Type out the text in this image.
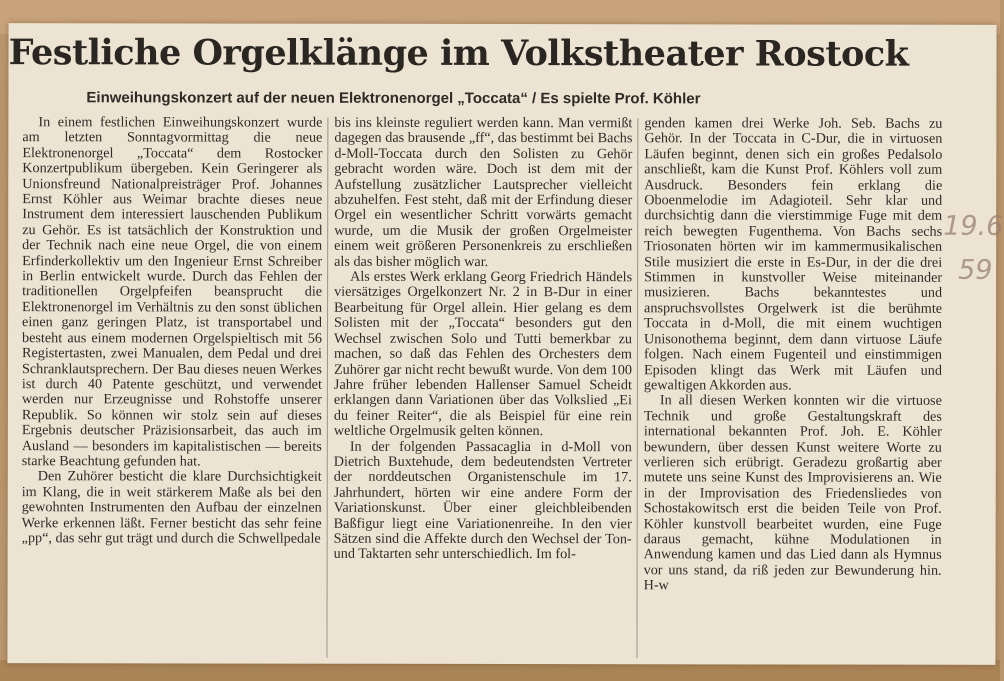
Festliche Orgelklänge im Volkstheater Rostock
Einweihungskonzert auf der neuen Elektronenorgel „Toccata“ / Es spielte Prof. Köhler

In einem festlichen Einweihungskonzert wurde am letzten Sonntagvormittag die neue Elektronenorgel „Toccata“ dem Rostocker Konzertpublikum übergeben. Kein Geringerer als Unionsfreund Nationalpreisträger Prof. Johannes Ernst Köhler aus Weimar brachte dieses neue Instrument dem interessiert lauschenden Publikum zu Gehör. Es ist tatsächlich der Konstruktion und der Technik nach eine neue Orgel, die von einem Erfinderkollektiv um den Ingenieur Ernst Schreiber in Berlin entwickelt wurde. Durch das Fehlen der traditionellen Orgelpfeifen beansprucht die Elektronenorgel im Verhältnis zu den sonst üblichen einen ganz geringen Platz, ist transportabel und besteht aus einem modernen Orgelspieltisch mit 56 Registertasten, zwei Manualen, dem Pedal und drei Schranklautsprechern. Der Bau dieses neuen Werkes ist durch 40 Patente geschützt, und verwendet werden nur Erzeugnisse und Rohstoffe unserer Republik. So können wir stolz sein auf dieses Ergebnis deutscher Präzisionsarbeit, das auch im Ausland — besonders im kapitalistischen — bereits starke Beachtung gefunden hat.

Den Zuhörer besticht die klare Durchsichtigkeit im Klang, die in weit stärkerem Maße als bei den gewohnten Instrumenten den Aufbau der einzelnen Werke erkennen läßt. Ferner besticht das sehr feine „pp“, das sehr gut trägt und durch die Schwellpedale

bis ins kleinste reguliert werden kann. Man vermißt dagegen das brausende „ff“, das bestimmt bei Bachs d-Moll-Toccata durch den Solisten zu Gehör gebracht worden wäre. Doch ist dem mit der Aufstellung zusätzlicher Lautsprecher vielleicht abzuhelfen. Fest steht, daß mit der Erfindung dieser Orgel ein wesentlicher Schritt vorwärts gemacht wurde, um die Musik der großen Orgelmeister einem weit größeren Personenkreis zu erschließen als das bisher möglich war.

Als erstes Werk erklang Georg Friedrich Händels viersätziges Orgelkonzert Nr. 2 in B-Dur in einer Bearbeitung für Orgel allein. Hier gelang es dem Solisten mit der „Toccata“ besonders gut den Wechsel zwischen Solo und Tutti bemerkbar zu machen, so daß das Fehlen des Orchesters dem Zuhörer gar nicht recht bewußt wurde. Von dem 100 Jahre früher lebenden Hallenser Samuel Scheidt erklangen dann Variationen über das Volkslied „Ei du feiner Reiter“, die als Beispiel für eine rein weltliche Orgelmusik gelten können.

In der folgenden Passacaglia in d-Moll von Dietrich Buxtehude, dem bedeutendsten Vertreter der norddeutschen Organistenschule im 17. Jahrhundert, hörten wir eine andere Form der Variationskunst. Über einer gleichbleibenden Baßfigur liegt eine Variationenreihe. In den vier Sätzen sind die Affekte durch den Wechsel der Ton- und Taktarten sehr unterschiedlich. Im fol-

genden kamen drei Werke Joh. Seb. Bachs zu Gehör. In der Toccata in C-Dur, die in virtuosen Läufen beginnt, denen sich ein großes Pedalsolo anschließt, kam die Kunst Prof. Köhlers voll zum Ausdruck. Besonders fein erklang die Oboenmelodie im Adagioteil. Sehr klar und durchsichtig dann die vierstimmige Fuge mit dem reich bewegten Fugenthema. Von Bachs sechs Triosonaten hörten wir im kammermusikalischen Stile musiziert die erste in Es-Dur, in der die drei Stimmen in kunstvoller Weise miteinander musizieren. Bachs bekanntestes und anspruchsvollstes Orgelwerk ist die berühmte Toccata in d-Moll, die mit einem wuchtigen Unisonothema beginnt, dem dann virtuose Läufe folgen. Nach einem Fugenteil und einstimmigen Episoden klingt das Werk mit Läufen und gewaltigen Akkorden aus.

In all diesen Werken konnten wir die virtuose Technik und große Gestaltungskraft des international bekannten Prof. Joh. E. Köhler bewundern, über dessen Kunst weitere Worte zu verlieren sich erübrigt. Geradezu großartig aber mutete uns seine Kunst des Improvisierens an. Wie in der Improvisation des Friedensliedes von Schostakowitsch erst die beiden Teile von Prof. Köhler kunstvoll bearbeitet wurden, eine Fuge daraus gemacht, kühne Modulationen in Anwendung kamen und das Lied dann als Hymnus vor uns stand, da riß jeden zur Bewunderung hin. H-w

19.6
59
